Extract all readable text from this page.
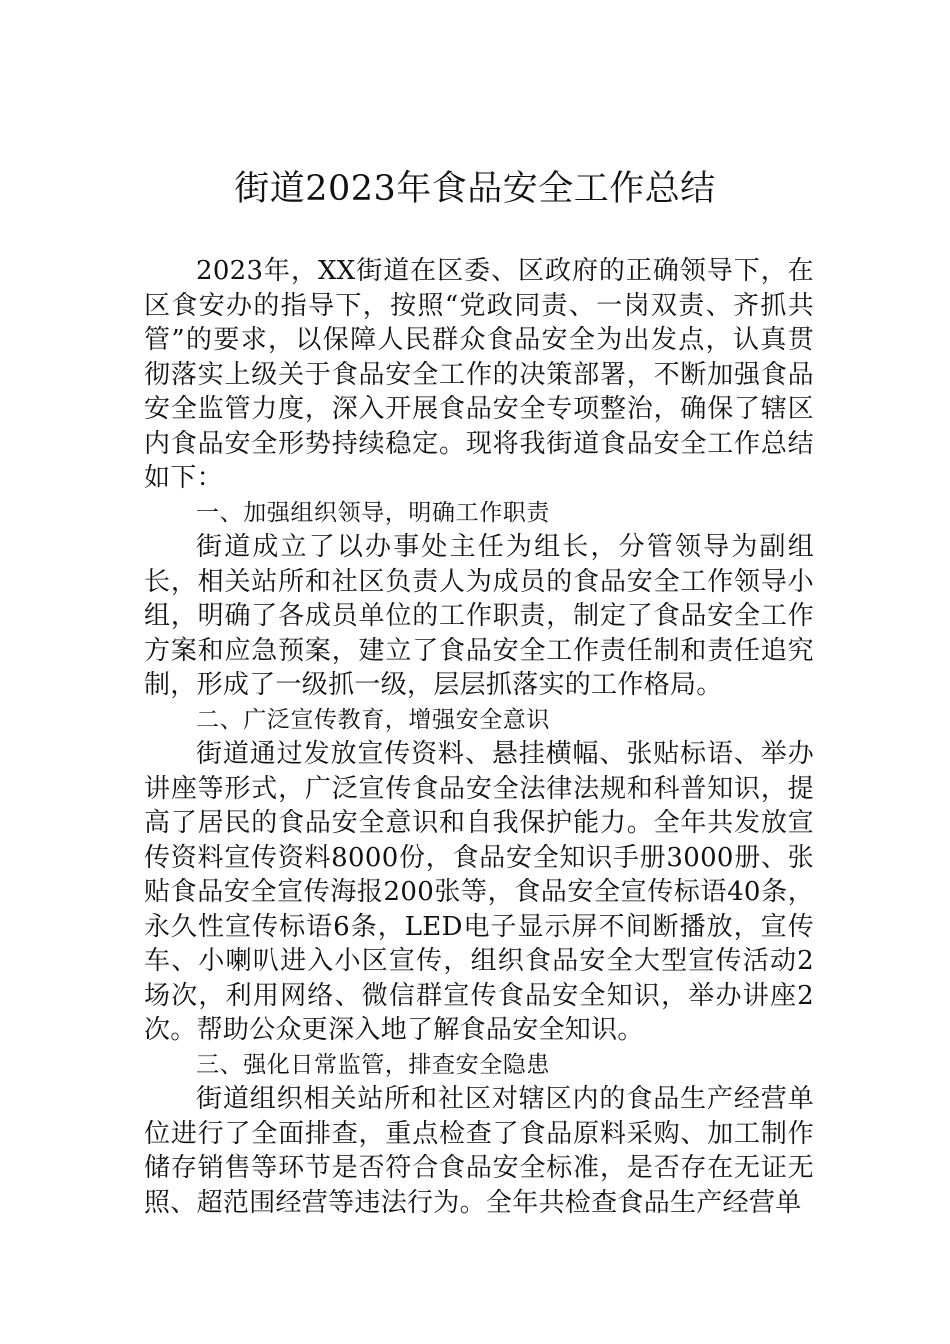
街道2023年食品安全工作总结

2023年，XX街道在区委、区政府的正确领导下，在区食安办的指导下，按照“党政同责、一岗双责、齐抓共管”的要求，以保障人民群众食品安全为出发点，认真贯彻落实上级关于食品安全工作的决策部署，不断加强食品安全监管力度，深入开展食品安全专项整治，确保了辖区内食品安全形势持续稳定。现将我街道食品安全工作总结如下：

一、加强组织领导，明确工作职责

街道成立了以办事处主任为组长，分管领导为副组长，相关站所和社区负责人为成员的食品安全工作领导小组，明确了各成员单位的工作职责，制定了食品安全工作方案和应急预案，建立了食品安全工作责任制和责任追究制，形成了一级抓一级，层层抓落实的工作格局。

二、广泛宣传教育，增强安全意识

街道通过发放宣传资料、悬挂横幅、张贴标语、举办讲座等形式，广泛宣传食品安全法律法规和科普知识，提高了居民的食品安全意识和自我保护能力。全年共发放宣传资料宣传资料8000份，食品安全知识手册3000册、张贴食品安全宣传海报200张等，食品安全宣传标语40条，永久性宣传标语6条，LED电子显示屏不间断播放，宣传车、小喇叭进入小区宣传，组织食品安全大型宣传活动2场次，利用网络、微信群宣传食品安全知识，举办讲座2次。帮助公众更深入地了解食品安全知识。

三、强化日常监管，排查安全隐患

街道组织相关站所和社区对辖区内的食品生产经营单位进行了全面排查，重点检查了食品原料采购、加工制作储存销售等环节是否符合食品安全标准，是否存在无证无照、超范围经营等违法行为。全年共检查食品生产经营单
